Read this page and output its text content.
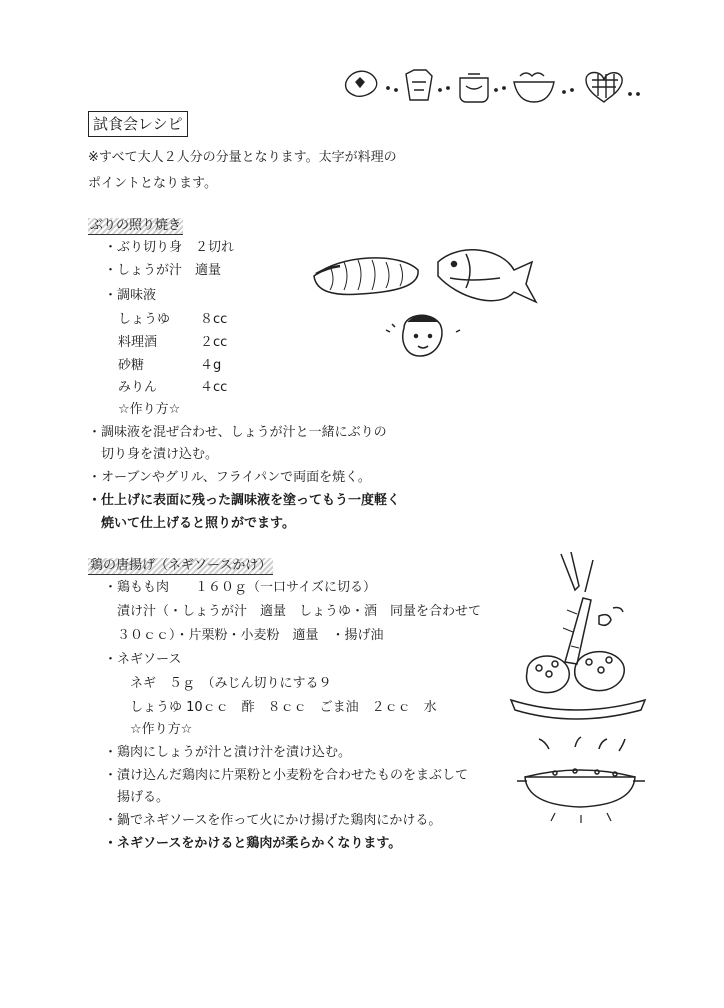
試食会レシピ
※すべて大人２人分の分量となります。太字が料理の
ポイントとなります。
ぶりの照り焼き
・ぶり切り身　２切れ
・しょうが汁　適量
・調味液
しょうゆ ８cc
料理酒	２cc
砂糖	４g
みりん	４cc
☆作り方☆
・調味液を混ぜ合わせ、しょうが汁と一緒にぶりの
　切り身を漬け込む。
・オーブンやグリル、フライパンで両面を焼く。
・仕上げに表面に残った調味液を塗ってもう一度軽く
　焼いて仕上げると照りがでます。
鶏の唐揚げ（ネギソースかけ）
・鶏もも肉　　１６０ｇ（一口サイズに切る）
　漬け汁（・しょうが汁　適量　しょうゆ・酒　同量を合わせて
　３０ｃｃ）・片栗粉・小麦粉　適量　・揚げ油
・ネギソース
　　ネギ　５ｇ　（みじん切りにする９
　　しょうゆ 10ｃｃ　酢　８ｃｃ　ごま油　２ｃｃ　水
☆作り方☆
・鶏肉にしょうが汁と漬け汁を漬け込む。
・漬け込んだ鶏肉に片栗粉と小麦粉を合わせたものをまぶして
　揚げる。
・鍋でネギソースを作って火にかけ揚げた鶏肉にかける。
・ネギソースをかけると鶏肉が柔らかくなります。
